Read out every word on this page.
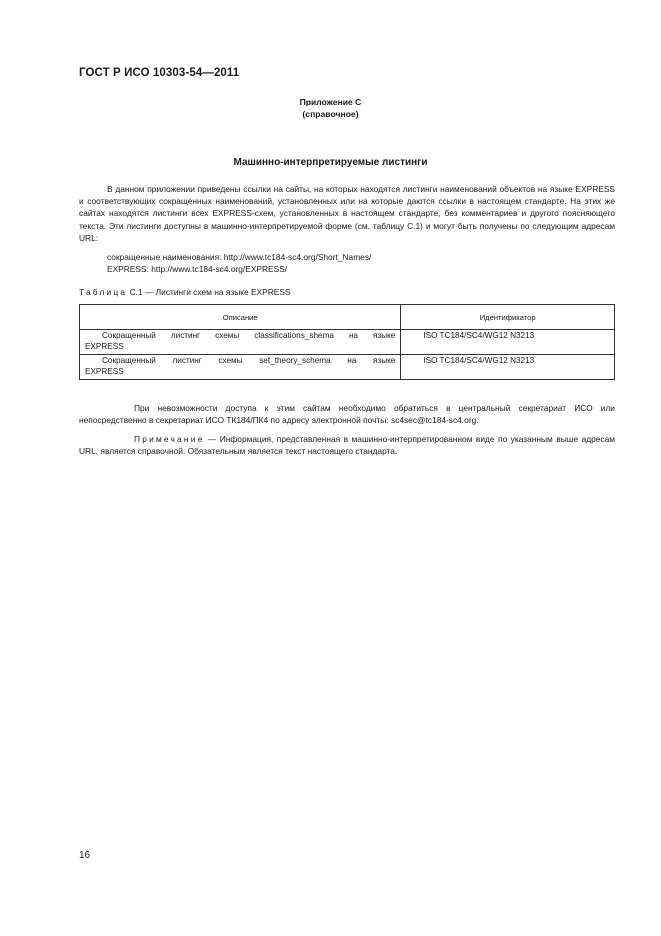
ГОСТ Р ИСО 10303-54—2011
Приложение С
(справочное)
Машинно-интерпретируемые листинги
В данном приложении приведены ссылки на сайты, на которых находятся листинги наименований объектов на языке EXPRESS и соответствующих сокращенных наименований, установленных или на которые даются ссылки в настоящем стандарте. На этих же сайтах находятся листинги всех EXPRESS-схем, установленных в настоящем стандарте, без комментариев и другого поясняющего текста. Эти листинги доступны в машинно-интерпретируемой форме (см. таблицу С.1) и могут быть получены по следующим адресам URL:
сокращенные наименования: http://www.tc184-sc4.org/Short_Names/
EXPRESS: http://www.tc184-sc4.org/EXPRESS/
Таблица С.1 — Листинги схем на языке EXPRESS
Описание	Идентификатор

Сокращенный листинг схемы classifications_shema на языке
EXPRESS	ISO TC184/SC4/WG12 N3213

Сокращенный листинг схемы set_theory_schema на языке
EXPRESS	ISO TC184/SC4/WG12 N3213
При невозможности доступа к этим сайтам необходимо обратиться в центральный секретариат ИСО или непосредственно в секретариат ИСО ТК184/ПК4 по адресу электронной почты: sc4sec@tc184-sc4.org.
Примечание — Информация, представленная в машинно-интерпретированном виде по указанным выше адресам URL, является справочной. Обязательным является текст настоящего стандарта.
16
